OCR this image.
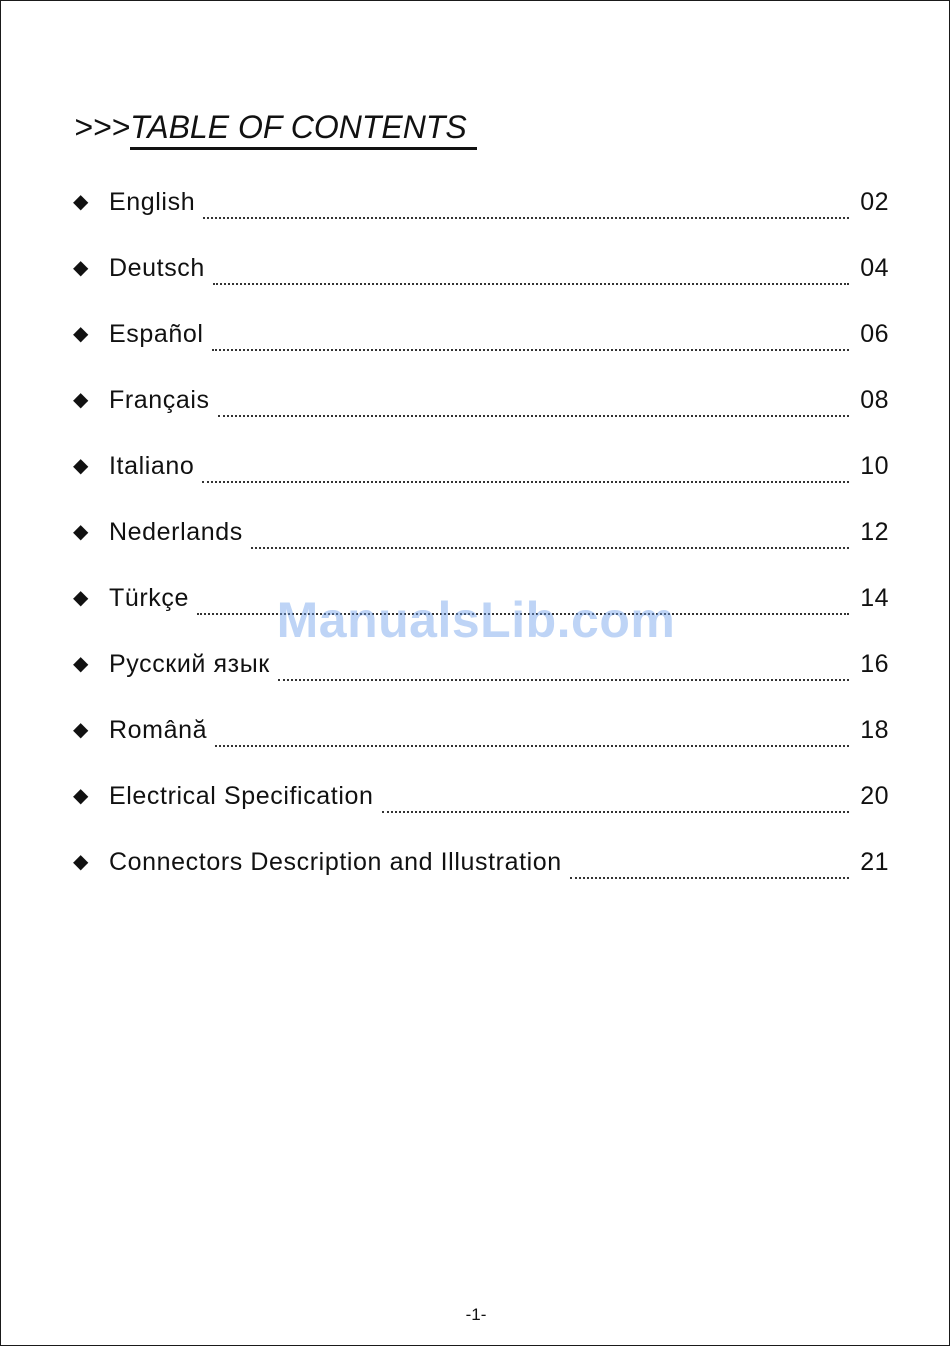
>>>TABLE OF CONTENTS
◆ English	02
◆ Deutsch	04
◆ Español	06
◆ Français	08
◆ Italiano	10
◆ Nederlands	12
◆ Türkçe	14
◆ Русский язык	16
◆ Română	18
◆ Electrical Specification	20
◆ Connectors Description and Illustration	21
ManualsLib.com
-1-
